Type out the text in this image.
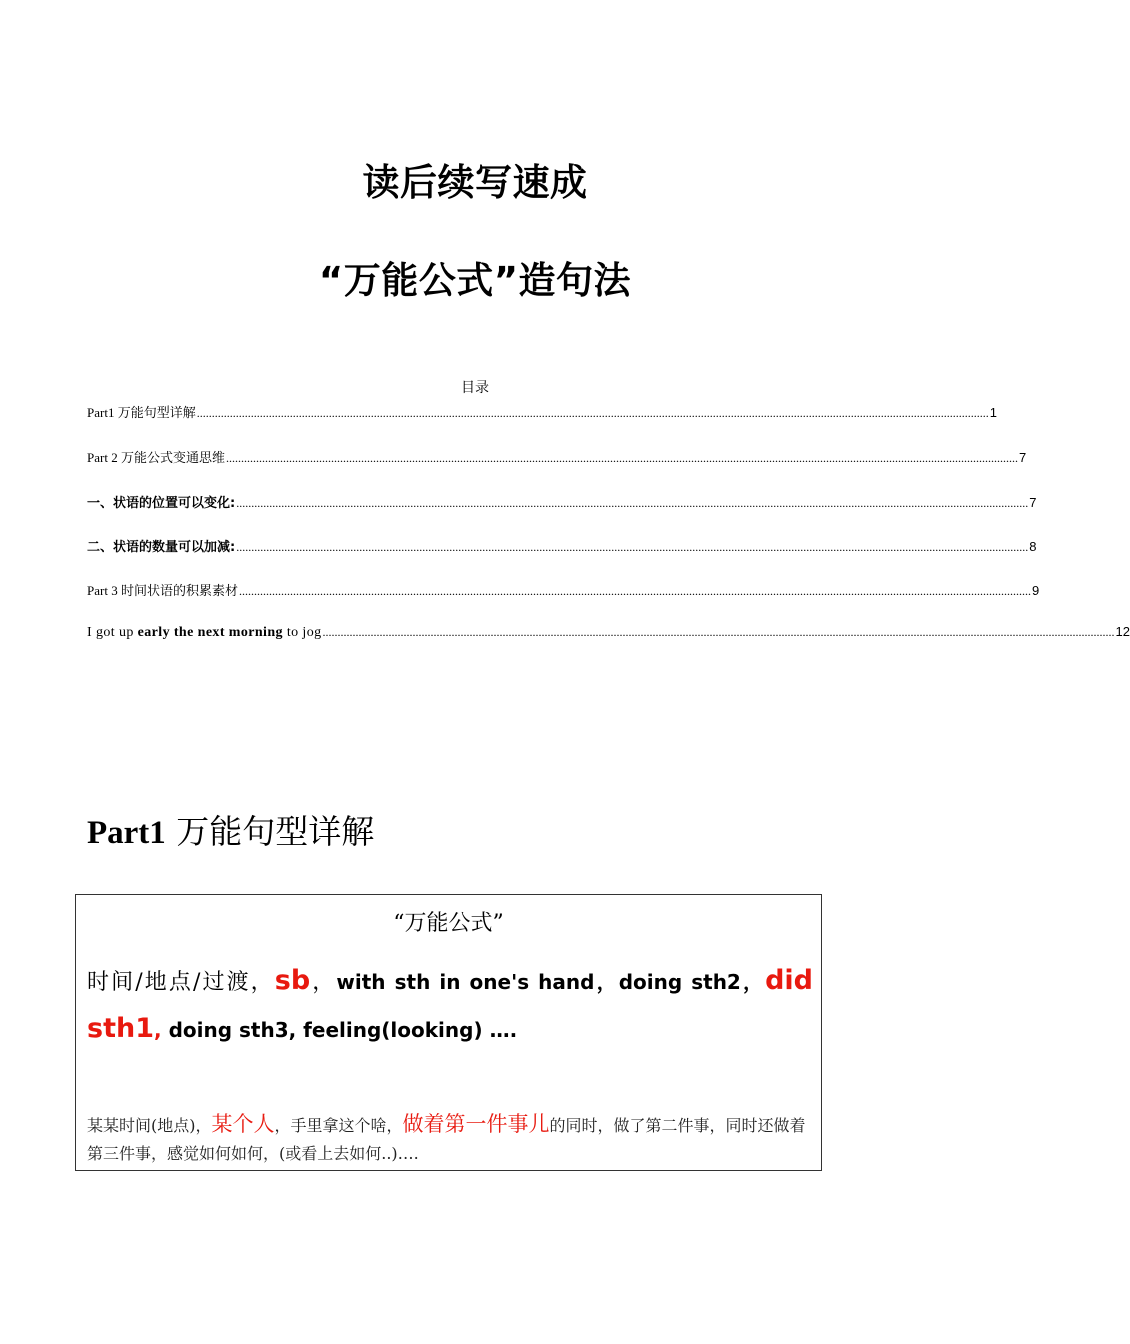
读后续写速成
“万能公式”造句法
目录
Part1 万能句型详解 ........................................................................................................................................................................................................................................................................ 1
Part 2 万能公式变通思维 ........................................................................................................................................................................................................................................................................ 7
一、状语的位置可以变化: ........................................................................................................................................................................................................................................................................ 7
二、状语的数量可以加减: ........................................................................................................................................................................................................................................................................ 8
Part 3 时间状语的积累素材 ........................................................................................................................................................................................................................................................................ 9
I got up early the next morning to jog ........................................................................................................................................................................................................................................................................ 12
Part1 万能句型详解
“万能公式”
时间/地点/过渡，sb，with sth in one's hand，doing sth2，did sth1, doing sth3, feeling(looking) ….
某某时间(地点)，某个人，手里拿这个啥，做着第一件事儿的同时，做了第二件事，同时还做着第三件事，感觉如何如何，(或看上去如何..)….
